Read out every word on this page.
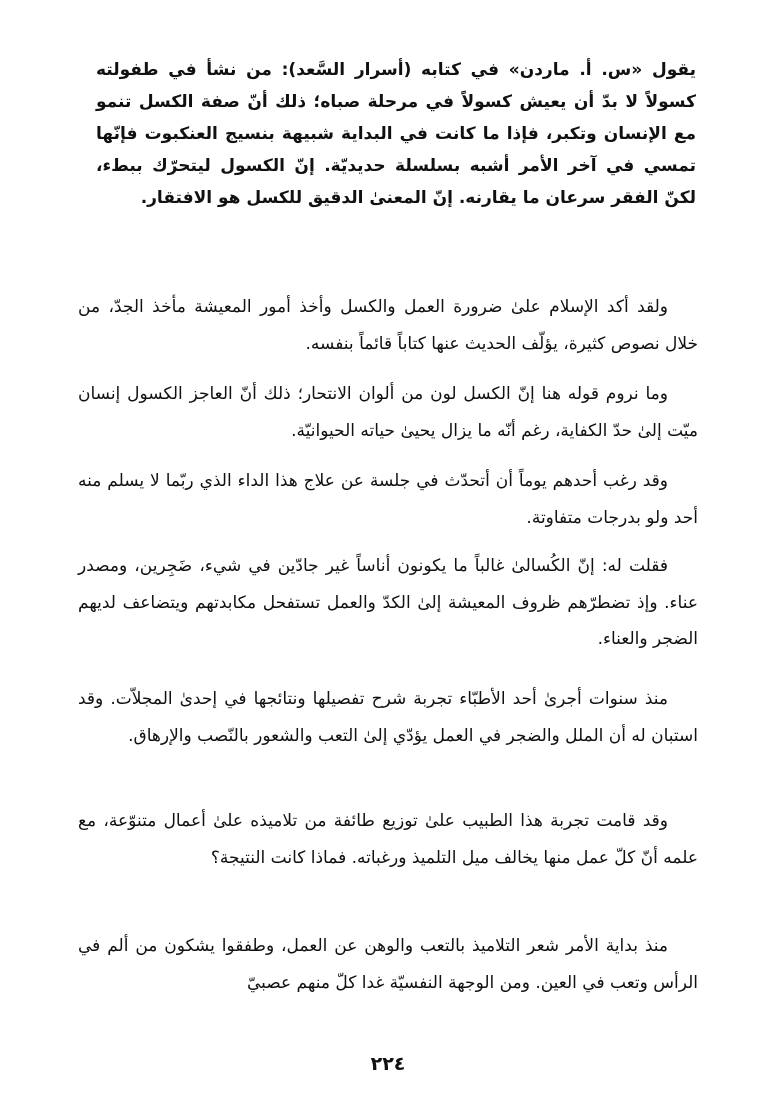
يقول «س. أ. ماردن» في كتابه (أسرار السَّعد): من نشأ في طفولته كسولاً لا بدّ أن يعيش كسولاً في مرحلة صباه؛ ذلك أنّ صفة الكسل تنمو مع الإنسان وتكبر، فإذا ما كانت في البداية شبيهة بنسيج العنكبوت فإنّها تمسي في آخر الأمر أشبه بسلسلة حديديّة. إنّ الكسول ليتحرّك ببطء، لكنّ الفقر سرعان ما يقارنه. إنّ المعنىٰ الدقيق للكسل هو الافتقار.

ولقد أكد الإسلام علىٰ ضرورة العمل والكسل وأخذ أمور المعيشة مأخذ الجدّ، من خلال نصوص كثيرة، يؤلّف الحديث عنها كتاباً قائماً بنفسه.

وما نروم قوله هنا إنّ الكسل لون من ألوان الانتحار؛ ذلك أنّ العاجز الكسول إنسان ميّت إلىٰ حدّ الكفاية، رغم أنّه ما يزال يحيىٰ حياته الحيوانيّة.

وقد رغب أحدهم يوماً أن أتحدّث في جلسة عن علاج هذا الداء الذي ربّما لا يسلم منه أحد ولو بدرجات متفاوتة.

فقلت له: إنّ الكُسالىٰ غالباً ما يكونون أناساً غير جادّين في شيء، ضَجِرين، ومصدر عناء. وإذ تضطرّهم ظروف المعيشة إلىٰ الكدّ والعمل تستفحل مكابدتهم ويتضاعف لديهم الضجر والعناء.

منذ سنوات أجرىٰ أحد الأطبّاء تجربة شرح تفصيلها ونتائجها في إحدىٰ المجلاّت. وقد استبان له أن الملل والضجر في العمل يؤدّي إلىٰ التعب والشعور بالنّصب والإرهاق.

وقد قامت تجربة هذا الطبيب علىٰ توزيع طائفة من تلاميذه علىٰ أعمال متنوّعة، مع علمه أنّ كلّ عمل منها يخالف ميل التلميذ ورغباته. فماذا كانت النتيجة؟

منذ بداية الأمر شعر التلاميذ بالتعب والوهن عن العمل، وطفقوا يشكون من ألم في الرأس وتعب في العين. ومن الوجهة النفسيّة غدا كلّ منهم عصبيّ

٢٢٤
